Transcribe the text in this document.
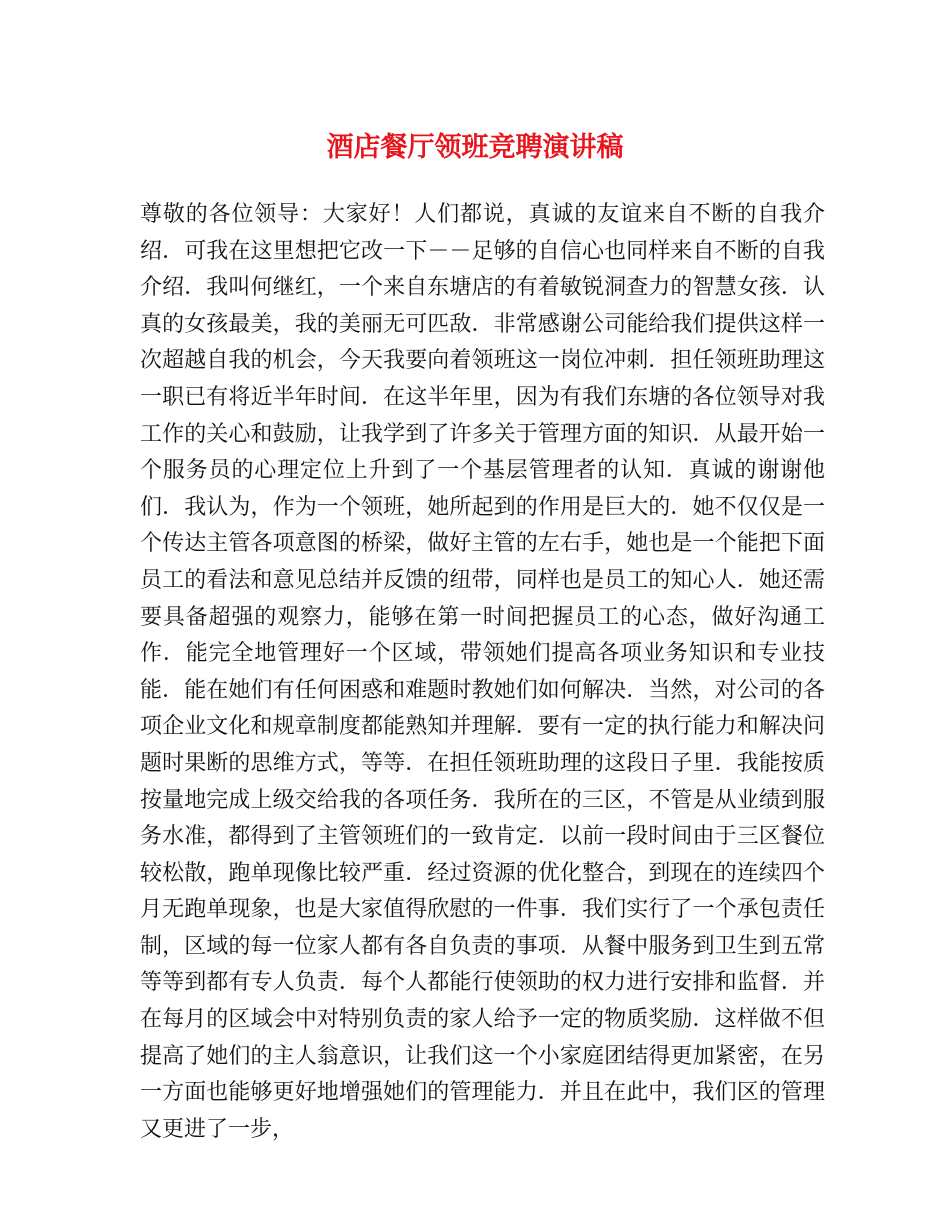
酒店餐厅领班竞聘演讲稿

尊敬的各位领导：大家好！人们都说，真诚的友谊来自不断的自我介绍．可我在这里想把它改一下－－足够的自信心也同样来自不断的自我介绍．我叫何继红，一个来自东塘店的有着敏锐洞查力的智慧女孩．认真的女孩最美，我的美丽无可匹敌．非常感谢公司能给我们提供这样一次超越自我的机会，今天我要向着领班这一岗位冲刺．担任领班助理这一职已有将近半年时间．在这半年里，因为有我们东塘的各位领导对我工作的关心和鼓励，让我学到了许多关于管理方面的知识．从最开始一个服务员的心理定位上升到了一个基层管理者的认知．真诚的谢谢他们．我认为，作为一个领班，她所起到的作用是巨大的．她不仅仅是一个传达主管各项意图的桥梁，做好主管的左右手，她也是一个能把下面员工的看法和意见总结并反馈的纽带，同样也是员工的知心人．她还需要具备超强的观察力，能够在第一时间把握员工的心态，做好沟通工作．能完全地管理好一个区域，带领她们提高各项业务知识和专业技能．能在她们有任何困惑和难题时教她们如何解决．当然，对公司的各项企业文化和规章制度都能熟知并理解．要有一定的执行能力和解决问题时果断的思维方式，等等．在担任领班助理的这段日子里．我能按质按量地完成上级交给我的各项任务．我所在的三区，不管是从业绩到服务水准，都得到了主管领班们的一致肯定．以前一段时间由于三区餐位较松散，跑单现像比较严重．经过资源的优化整合，到现在的连续四个月无跑单现象，也是大家值得欣慰的一件事．我们实行了一个承包责任制，区域的每一位家人都有各自负责的事项．从餐中服务到卫生到五常等等到都有专人负责．每个人都能行使领助的权力进行安排和监督．并在每月的区域会中对特别负责的家人给予一定的物质奖励．这样做不但提高了她们的主人翁意识，让我们这一个小家庭团结得更加紧密，在另一方面也能够更好地增强她们的管理能力．并且在此中，我们区的管理又更进了一步，
